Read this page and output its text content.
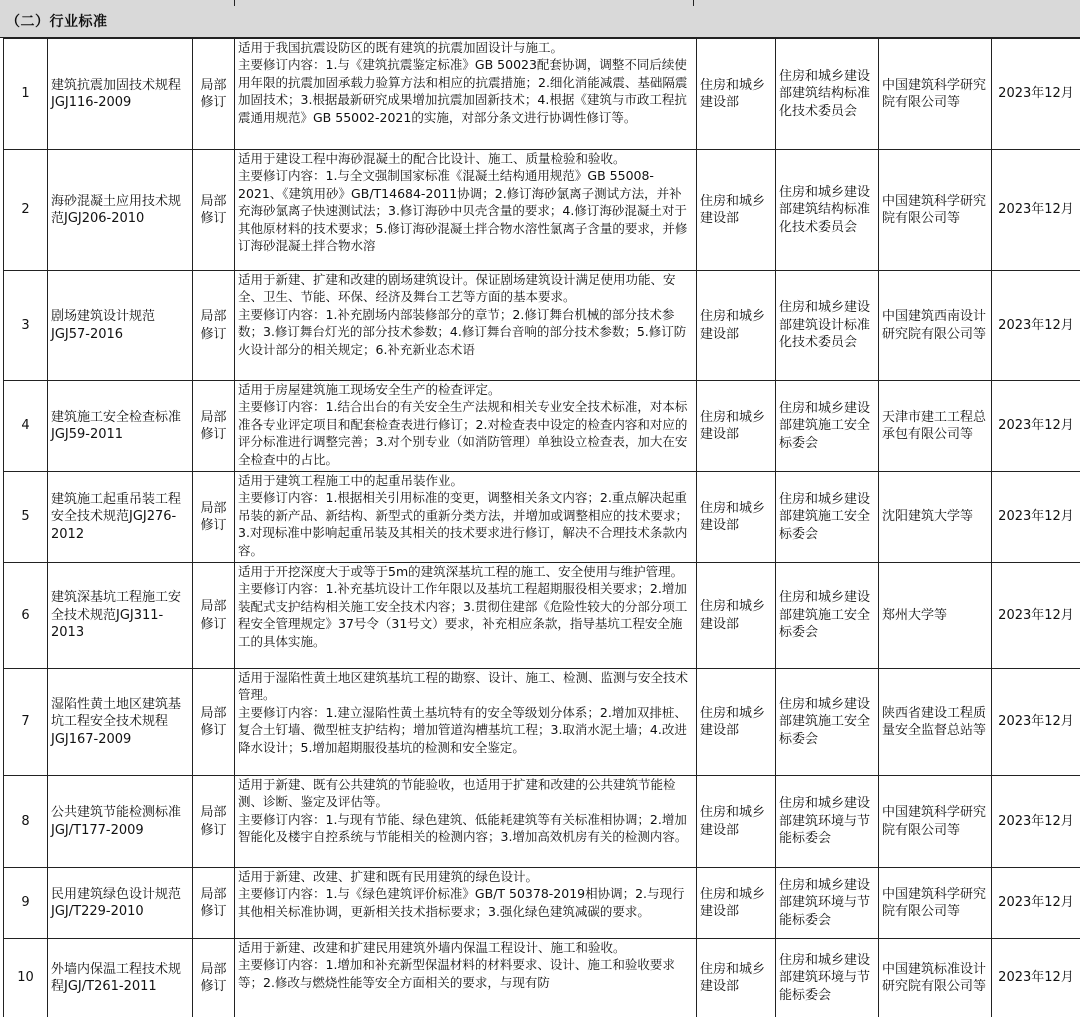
（二）行业标准
1	建筑抗震加固技术规程JGJ116-2009	局部修订	适用于我国抗震设防区的既有建筑的抗震加固设计与施工。
主要修订内容：1.与《建筑抗震鉴定标准》GB 50023配套协调，调整不同后续使用年限的抗震加固承载力验算方法和相应的抗震措施；2.细化消能减震、基础隔震加固技术；3.根据最新研究成果增加抗震加固新技术；4.根据《建筑与市政工程抗震通用规范》GB 55002-2021的实施，对部分条文进行协调性修订等。	住房和城乡建设部	住房和城乡建设部建筑结构标准化技术委员会	中国建筑科学研究院有限公司等	2023年12月
2	海砂混凝土应用技术规范JGJ206-2010	局部修订	适用于建设工程中海砂混凝土的配合比设计、施工、质量检验和验收。
主要修订内容：1.与全文强制国家标准《混凝土结构通用规范》GB 55008-2021、《建筑用砂》GB/T14684-2011协调；2.修订海砂氯离子测试方法，并补充海砂氯离子快速测试法；3.修订海砂中贝壳含量的要求；4.修订海砂混凝土对于其他原材料的技术要求；5.修订海砂混凝土拌合物水溶性氯离子含量的要求，并修订海砂混凝土拌合物水溶	住房和城乡建设部	住房和城乡建设部建筑结构标准化技术委员会	中国建筑科学研究院有限公司等	2023年12月
3	剧场建筑设计规范JGJ57-2016	局部修订	适用于新建、扩建和改建的剧场建筑设计。保证剧场建筑设计满足使用功能、安全、卫生、节能、环保、经济及舞台工艺等方面的基本要求。
主要修订内容：1.补充剧场内部装修部分的章节；2.修订舞台机械的部分技术参数；3.修订舞台灯光的部分技术参数；4.修订舞台音响的部分技术参数；5.修订防火设计部分的相关规定；6.补充新业态术语	住房和城乡建设部	住房和城乡建设部建筑设计标准化技术委员会	中国建筑西南设计研究院有限公司等	2023年12月
4	建筑施工安全检查标准JGJ59-2011	局部修订	适用于房屋建筑施工现场安全生产的检查评定。
主要修订内容：1.结合出台的有关安全生产法规和相关专业安全技术标准，对本标准各专业评定项目和配套检查表进行修订；2.对检查表中设定的检查内容和对应的评分标准进行调整完善；3.对个别专业（如消防管理）单独设立检查表，加大在安全检查中的占比。	住房和城乡建设部	住房和城乡建设部建筑施工安全标委会	天津市建工工程总承包有限公司等	2023年12月
5	建筑施工起重吊装工程安全技术规范JGJ276-2012	局部修订	适用于建筑工程施工中的起重吊装作业。
主要修订内容：1.根据相关引用标准的变更，调整相关条文内容；2.重点解决起重吊装的新产品、新结构、新型式的重新分类方法，并增加或调整相应的技术要求；3.对现标准中影响起重吊装及其相关的技术要求进行修订，解决不合理技术条款内容。	住房和城乡建设部	住房和城乡建设部建筑施工安全标委会	沈阳建筑大学等	2023年12月
6	建筑深基坑工程施工安全技术规范JGJ311-2013	局部修订	适用于开挖深度大于或等于5m的建筑深基坑工程的施工、安全使用与维护管理。
主要修订内容：1.补充基坑设计工作年限以及基坑工程超期服役相关要求；2.增加装配式支护结构相关施工安全技术内容；3.贯彻住建部《危险性较大的分部分项工程安全管理规定》37号令（31号文）要求，补充相应条款，指导基坑工程安全施工的具体实施。	住房和城乡建设部	住房和城乡建设部建筑施工安全标委会	郑州大学等	2023年12月
7	湿陷性黄土地区建筑基坑工程安全技术规程JGJ167-2009	局部修订	适用于湿陷性黄土地区建筑基坑工程的勘察、设计、施工、检测、监测与安全技术管理。
主要修订内容：1.建立湿陷性黄土基坑特有的安全等级划分体系；2.增加双排桩、复合土钉墙、微型桩支护结构；增加管道沟槽基坑工程；3.取消水泥土墙；4.改进降水设计；5.增加超期服役基坑的检测和安全鉴定。	住房和城乡建设部	住房和城乡建设部建筑施工安全标委会	陕西省建设工程质量安全监督总站等	2023年12月
8	公共建筑节能检测标准JGJ/T177-2009	局部修订	适用于新建、既有公共建筑的节能验收，也适用于扩建和改建的公共建筑节能检测、诊断、鉴定及评估等。
主要修订内容：1.与现有节能、绿色建筑、低能耗建筑等有关标准相协调；2.增加智能化及楼宇自控系统与节能相关的检测内容；3.增加高效机房有关的检测内容。	住房和城乡建设部	住房和城乡建设部建筑环境与节能标委会	中国建筑科学研究院有限公司等	2023年12月
9	民用建筑绿色设计规范JGJ/T229-2010	局部修订	适用于新建、改建、扩建和既有民用建筑的绿色设计。
主要修订内容：1.与《绿色建筑评价标准》GB/T 50378-2019相协调；2.与现行其他相关标准协调，更新相关技术指标要求；3.强化绿色建筑减碳的要求。	住房和城乡建设部	住房和城乡建设部建筑环境与节能标委会	中国建筑科学研究院有限公司等	2023年12月
10	外墙内保温工程技术规程JGJ/T261-2011	局部修订	适用于新建、改建和扩建民用建筑外墙内保温工程设计、施工和验收。
主要修订内容：1.增加和补充新型保温材料的材料要求、设计、施工和验收要求等；2.修改与燃烧性能等安全方面相关的要求，与现有防	住房和城乡建设部	住房和城乡建设部建筑环境与节能标委会	中国建筑标准设计研究院有限公司等	2023年12月
